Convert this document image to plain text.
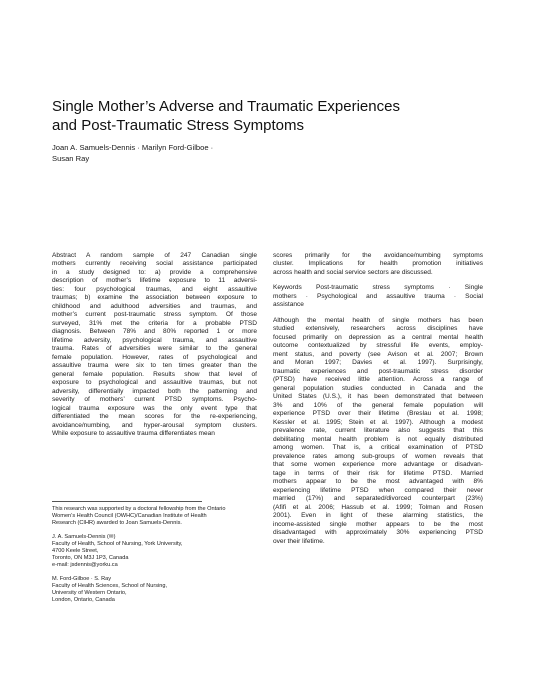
Single Mother’s Adverse and Traumatic Experiences
and Post-Traumatic Stress Symptoms
Joan A. Samuels-Dennis · Marilyn Ford-Gilboe ·
Susan Ray
Abstract A random sample of 247 Canadian single
mothers currently receiving social assistance participated
in a study designed to: a) provide a comprehensive
description of mother’s lifetime exposure to 11 adversi-
ties: four psychological traumas, and eight assaultive
traumas; b) examine the association between exposure to
childhood and adulthood adversities and traumas, and
mother’s current post-traumatic stress symptom. Of those
surveyed, 31% met the criteria for a probable PTSD
diagnosis. Between 78% and 80% reported 1 or more
lifetime adversity, psychological trauma, and assaultive
trauma. Rates of adversities were similar to the general
female population. However, rates of psychological and
assaultive trauma were six to ten times greater than the
general female population. Results show that level of
exposure to psychological and assaultive traumas, but not
adversity, differentially impacted both the patterning and
severity of mothers’ current PTSD symptoms. Psycho-
logical trauma exposure was the only event type that
differentiated the mean scores for the re-experiencing,
avoidance/numbing, and hyper-arousal symptom clusters.
While exposure to assaultive trauma differentiates mean
scores primarily for the avoidance/numbing symptoms
cluster. Implications for health promotion initiatives
across health and social service sectors are discussed.
Keywords Post-traumatic stress symptoms · Single
mothers · Psychological and assaultive trauma · Social
assistance
Although the mental health of single mothers has been
studied extensively, researchers across disciplines have
focused primarily on depression as a central mental health
outcome contextualized by stressful life events, employ-
ment status, and poverty (see Avison et al. 2007; Brown
and Moran 1997; Davies et al. 1997). Surprisingly,
traumatic experiences and post-traumatic stress disorder
(PTSD) have received little attention. Across a range of
general population studies conducted in Canada and the
United States (U.S.), it has been demonstrated that between
3% and 10% of the general female population will
experience PTSD over their lifetime (Breslau et al. 1998;
Kessler et al. 1995; Stein et al. 1997). Although a modest
prevalence rate, current literature also suggests that this
debilitating mental health problem is not equally distributed
among women. That is, a critical examination of PTSD
prevalence rates among sub-groups of women reveals that
that some women experience more advantage or disadvan-
tage in terms of their risk for lifetime PTSD. Married
mothers appear to be the most advantaged with 8%
experiencing lifetime PTSD when compared their never
married (17%) and separated/divorced counterpart (23%)
(Afifi et al. 2006; Hassub et al. 1999; Tolman and Rosen
2001). Even in light of these alarming statistics, the
income-assisted single mother appears to be the most
disadvantaged with approximately 30% experiencing PTSD
over their lifetime.
This research was supported by a doctoral fellowship from the Ontario
Women’s Health Council (OWHC)/Canadian Institute of Health
Research (CIHR) awarded to Joan Samuels-Dennis.
J. A. Samuels-Dennis (✉)
Faculty of Health, School of Nursing, York University,
4700 Keele Street,
Toronto, ON M3J 1P3, Canada
e-mail: jsdennis@yorku.ca
M. Ford-Gilboe · S. Ray
Faculty of Health Sciences, School of Nursing,
University of Western Ontario,
London, Ontario, Canada
